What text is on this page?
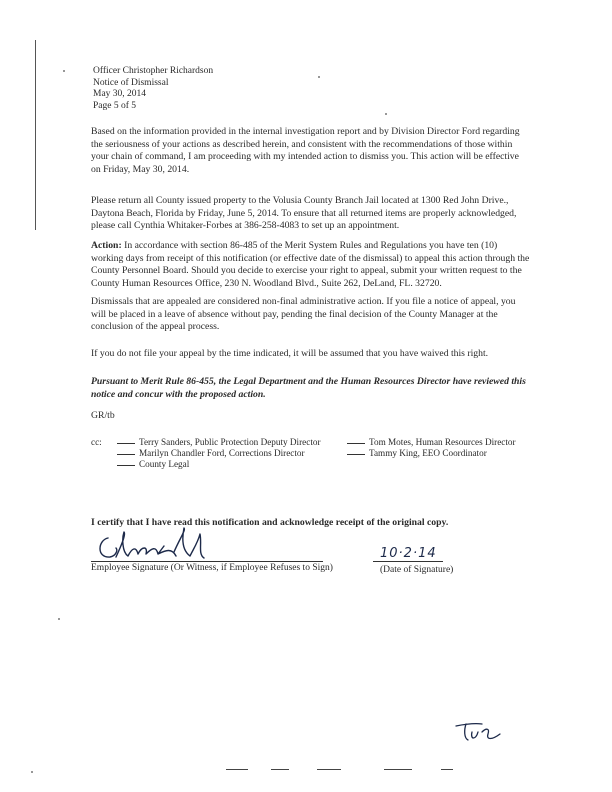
Officer Christopher Richardson
Notice of Dismissal
May 30, 2014
Page 5 of 5
Based on the information provided in the internal investigation report and by Division Director Ford regarding the seriousness of your actions as described herein, and consistent with the recommendations of those within your chain of command, I am proceeding with my intended action to dismiss you. This action will be effective on Friday, May 30, 2014.
Please return all County issued property to the Volusia County Branch Jail located at 1300 Red John Drive., Daytona Beach, Florida by Friday, June 5, 2014. To ensure that all returned items are properly acknowledged, please call Cynthia Whitaker-Forbes at 386-258-4083 to set up an appointment.
Action: In accordance with section 86-485 of the Merit System Rules and Regulations you have ten (10) working days from receipt of this notification (or effective date of the dismissal) to appeal this action through the County Personnel Board. Should you decide to exercise your right to appeal, submit your written request to the County Human Resources Office, 230 N. Woodland Blvd., Suite 262, DeLand, FL. 32720.
Dismissals that are appealed are considered non-final administrative action. If you file a notice of appeal, you will be placed in a leave of absence without pay, pending the final decision of the County Manager at the conclusion of the appeal process.
If you do not file your appeal by the time indicated, it will be assumed that you have waived this right.
Pursuant to Merit Rule 86-455, the Legal Department and the Human Resources Director have reviewed this notice and concur with the proposed action.
GR/tb
cc:	Terry Sanders, Public Protection Deputy Director
Marilyn Chandler Ford, Corrections Director
County Legal
Tom Motes, Human Resources Director
Tammy King, EEO Coordinator
I certify that I have read this notification and acknowledge receipt of the original copy.
Employee Signature (Or Witness, if Employee Refuses to Sign)
10·2·14
(Date of Signature)
